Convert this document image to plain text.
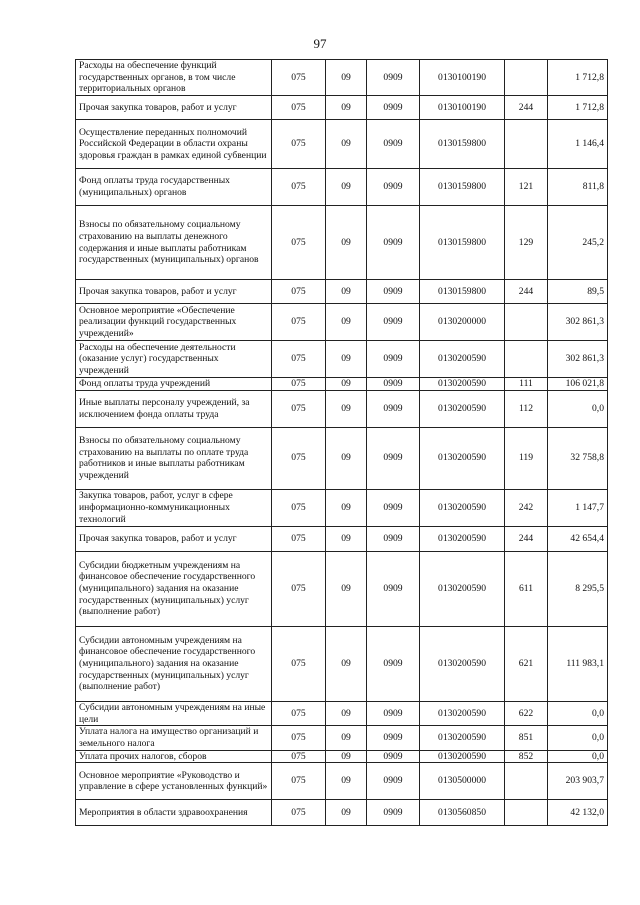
97
Расходы на обеспечение функций государственных органов, в том числе территориальных органов	075	09	0909	0130100190		1 712,8
Прочая закупка товаров, работ и услуг	075	09	0909	0130100190	244	1 712,8
Осуществление переданных полномочий Российской Федерации в области охраны здоровья граждан в рамках единой субвенции	075	09	0909	0130159800		1 146,4
Фонд оплаты труда государственных (муниципальных) органов	075	09	0909	0130159800	121	811,8
Взносы по обязательному социальному страхованию на выплаты денежного содержания и иные выплаты работникам государственных (муниципальных) органов	075	09	0909	0130159800	129	245,2
Прочая закупка товаров, работ и услуг	075	09	0909	0130159800	244	89,5
Основное мероприятие «Обеспечение реализации функций государственных учреждений»	075	09	0909	0130200000		302 861,3
Расходы на обеспечение деятельности (оказание услуг) государственных учреждений	075	09	0909	0130200590		302 861,3
Фонд оплаты труда учреждений	075	09	0909	0130200590	111	106 021,8
Иные выплаты персоналу учреждений, за исключением фонда оплаты труда	075	09	0909	0130200590	112	0,0
Взносы по обязательному социальному страхованию на выплаты по оплате труда работников и иные выплаты работникам учреждений	075	09	0909	0130200590	119	32 758,8
Закупка товаров, работ, услуг в сфере информационно-коммуникационных технологий	075	09	0909	0130200590	242	1 147,7
Прочая закупка товаров, работ и услуг	075	09	0909	0130200590	244	42 654,4
Субсидии бюджетным учреждениям на финансовое обеспечение государственного (муниципального) задания на оказание государственных (муниципальных) услуг (выполнение работ)	075	09	0909	0130200590	611	8 295,5
Субсидии автономным учреждениям на финансовое обеспечение государственного (муниципального) задания на оказание государственных (муниципальных) услуг (выполнение работ)	075	09	0909	0130200590	621	111 983,1
Субсидии автономным учреждениям на иные цели	075	09	0909	0130200590	622	0,0
Уплата налога на имущество организаций и земельного налога	075	09	0909	0130200590	851	0,0
Уплата прочих налогов, сборов	075	09	0909	0130200590	852	0,0
Основное мероприятие «Руководство и управление в сфере установленных функций»	075	09	0909	0130500000		203 903,7
Мероприятия в области здравоохранения	075	09	0909	0130560850		42 132,0
